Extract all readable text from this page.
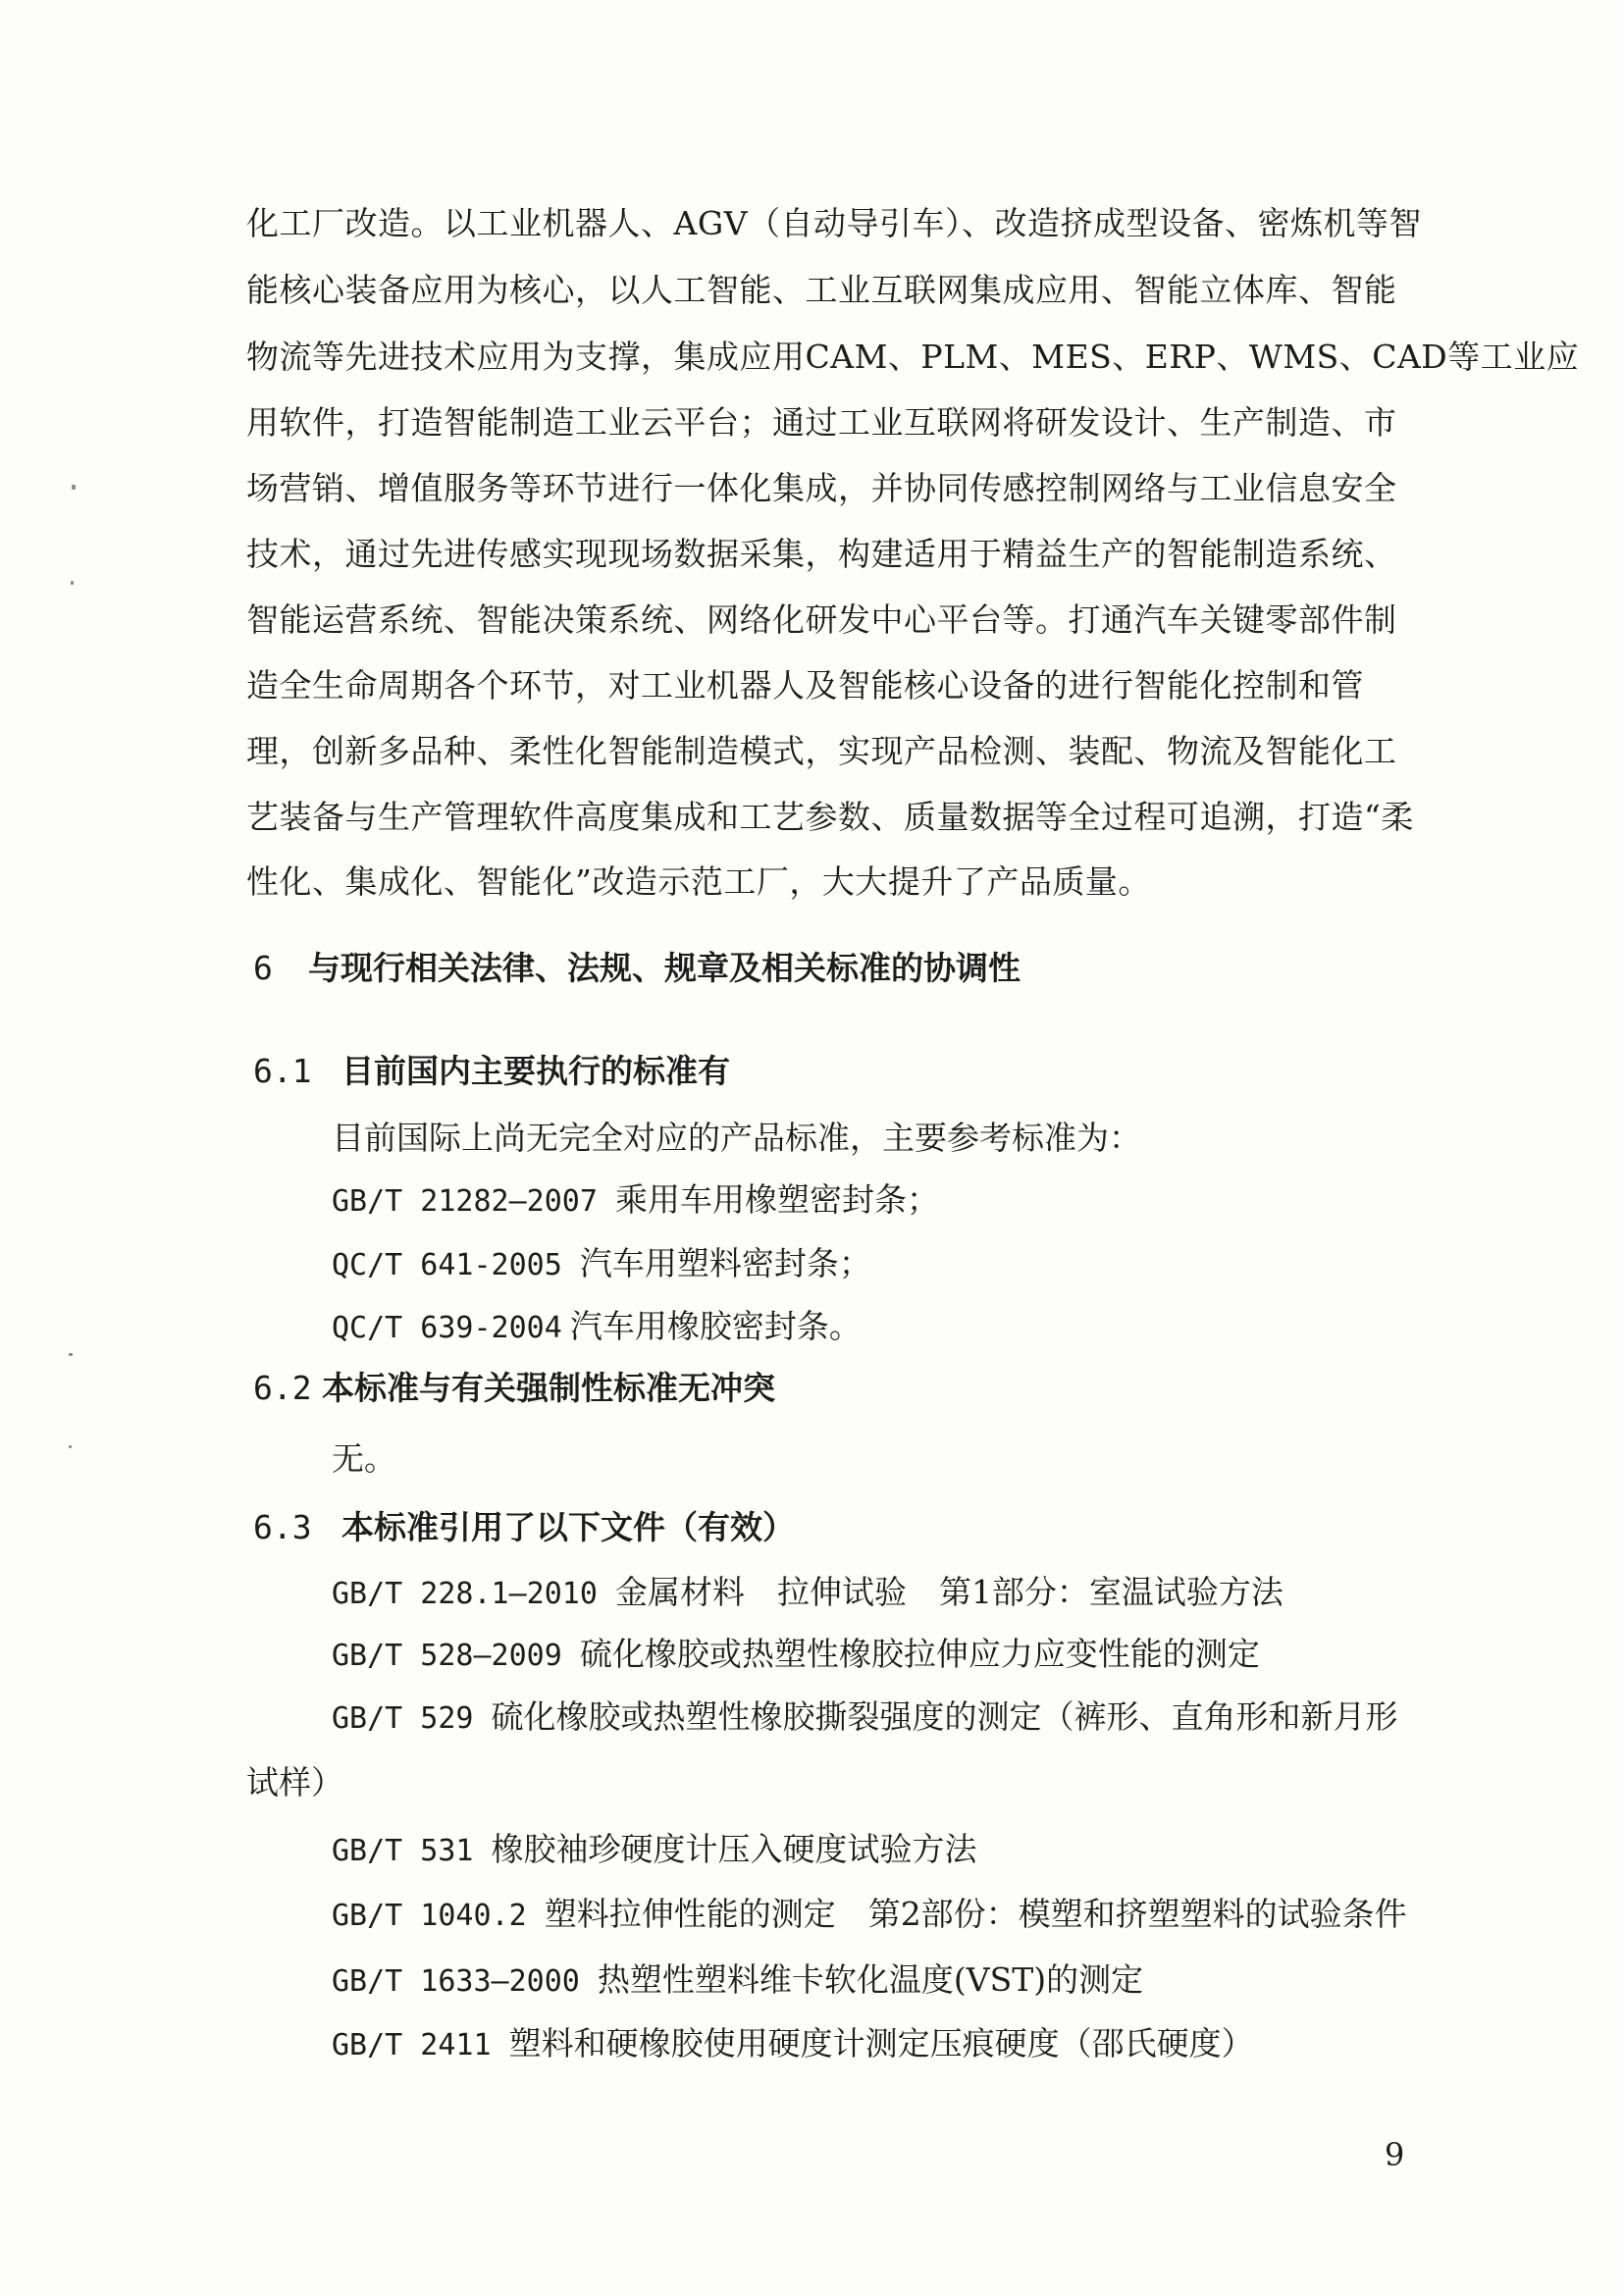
化工厂改造。以工业机器人、AGV（自动导引车）、改造挤成型设备、密炼机等智
能核心装备应用为核心，以人工智能、工业互联网集成应用、智能立体库、智能
物流等先进技术应用为支撑，集成应用CAM、PLM、MES、ERP、WMS、CAD等工业应
用软件，打造智能制造工业云平台；通过工业互联网将研发设计、生产制造、市
场营销、增值服务等环节进行一体化集成，并协同传感控制网络与工业信息安全
技术，通过先进传感实现现场数据采集，构建适用于精益生产的智能制造系统、
智能运营系统、智能决策系统、网络化研发中心平台等。打通汽车关键零部件制
造全生命周期各个环节，对工业机器人及智能核心设备的进行智能化控制和管
理，创新多品种、柔性化智能制造模式，实现产品检测、装配、物流及智能化工
艺装备与生产管理软件高度集成和工艺参数、质量数据等全过程可追溯，打造“柔
性化、集成化、智能化”改造示范工厂，大大提升了产品质量。
6 与现行相关法律、法规、规章及相关标准的协调性
6.1 目前国内主要执行的标准有
目前国际上尚无完全对应的产品标准，主要参考标准为：
GB/T 21282—2007 乘用车用橡塑密封条；
QC/T 641-2005 汽车用塑料密封条；
QC/T 639-2004 汽车用橡胶密封条。
6.2 本标准与有关强制性标准无冲突
无。
6.3 本标准引用了以下文件（有效）
GB/T 228.1—2010 金属材料　拉伸试验　第1部分：室温试验方法
GB/T 528—2009 硫化橡胶或热塑性橡胶拉伸应力应变性能的测定
GB/T 529 硫化橡胶或热塑性橡胶撕裂强度的测定（裤形、直角形和新月形
试样）
GB/T 531 橡胶袖珍硬度计压入硬度试验方法
GB/T 1040.2 塑料拉伸性能的测定　第2部份：模塑和挤塑塑料的试验条件
GB/T 1633—2000 热塑性塑料维卡软化温度(VST)的测定
GB/T 2411 塑料和硬橡胶使用硬度计测定压痕硬度（邵氏硬度）
9
